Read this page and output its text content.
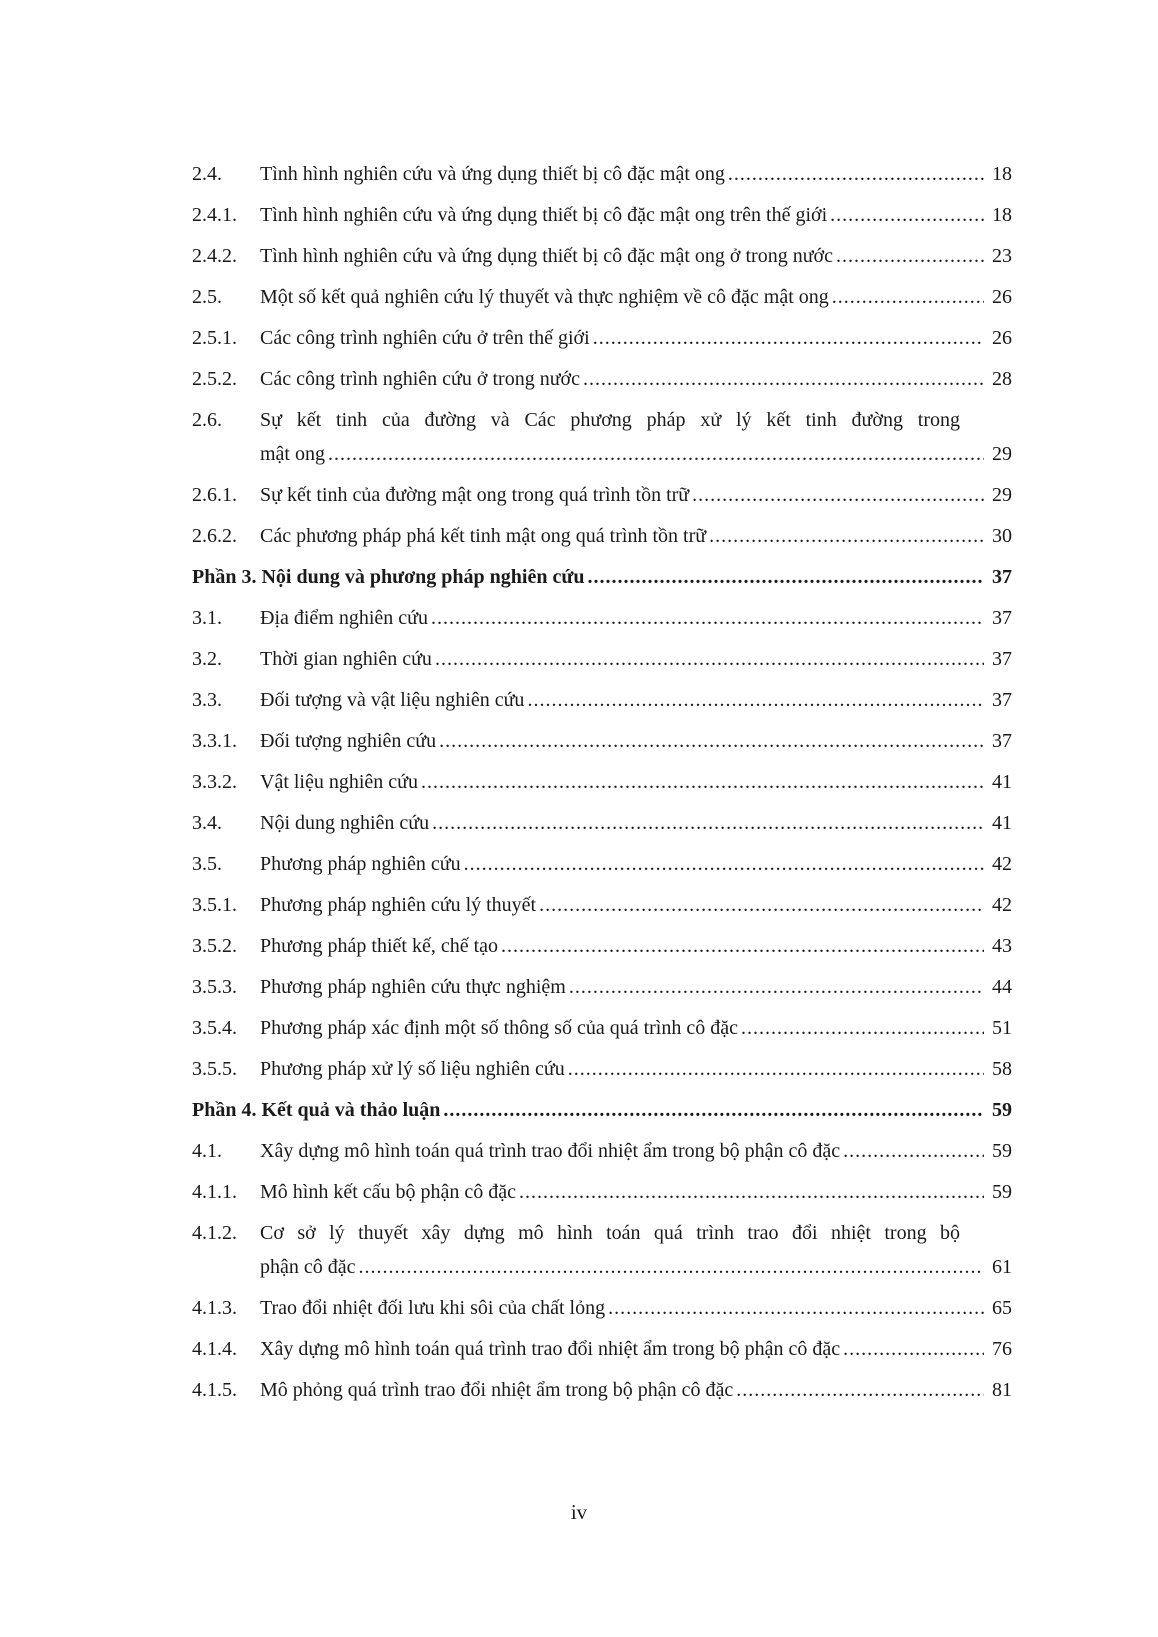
2.4.	Tình hình nghiên cứu và ứng dụng thiết bị cô đặc mật ong .....	18
2.4.1.	Tình hình nghiên cứu và ứng dụng thiết bị cô đặc mật ong trên thế giới .....	18
2.4.2.	Tình hình nghiên cứu và ứng dụng thiết bị cô đặc mật ong ở trong nước .....	23
2.5.	Một số kết quả nghiên cứu lý thuyết và thực nghiệm về cô đặc mật ong .....	26
2.5.1.	Các công trình nghiên cứu ở trên thế giới .....	26
2.5.2.	Các công trình nghiên cứu ở trong nước .....	28
2.6.	Sự kết tinh của đường và Các phương pháp xử lý kết tinh đường trong
mật ong .....	29
2.6.1.	Sự kết tinh của đường mật ong trong quá trình tồn trữ .....	29
2.6.2.	Các phương pháp phá kết tinh mật ong quá trình tồn trữ .....	30
Phần 3. Nội dung và phương pháp nghiên cứu .....	37
3.1.	Địa điểm nghiên cứu .....	37
3.2.	Thời gian nghiên cứu .....	37
3.3.	Đối tượng và vật liệu nghiên cứu .....	37
3.3.1.	Đối tượng nghiên cứu .....	37
3.3.2.	Vật liệu nghiên cứu .....	41
3.4.	Nội dung nghiên cứu .....	41
3.5.	Phương pháp nghiên cứu .....	42
3.5.1.	Phương pháp nghiên cứu lý thuyết .....	42
3.5.2.	Phương pháp thiết kế, chế tạo .....	43
3.5.3.	Phương pháp nghiên cứu thực nghiệm .....	44
3.5.4.	Phương pháp xác định một số thông số của quá trình cô đặc .....	51
3.5.5.	Phương pháp xử lý số liệu nghiên cứu .....	58
Phần 4. Kết quả và thảo luận .....	59
4.1.	Xây dựng mô hình toán quá trình trao đổi nhiệt ẩm trong bộ phận cô đặc .....	59
4.1.1.	Mô hình kết cấu bộ phận cô đặc .....	59
4.1.2.	Cơ sở lý thuyết xây dựng mô hình toán quá trình trao đổi nhiệt trong bộ
phận cô đặc .....	61
4.1.3.	Trao đổi nhiệt đối lưu khi sôi của chất lỏng .....	65
4.1.4.	Xây dựng mô hình toán quá trình trao đổi nhiệt ẩm trong bộ phận cô đặc .....	76
4.1.5.	Mô phỏng quá trình trao đổi nhiệt ẩm trong bộ phận cô đặc .....	81
iv
